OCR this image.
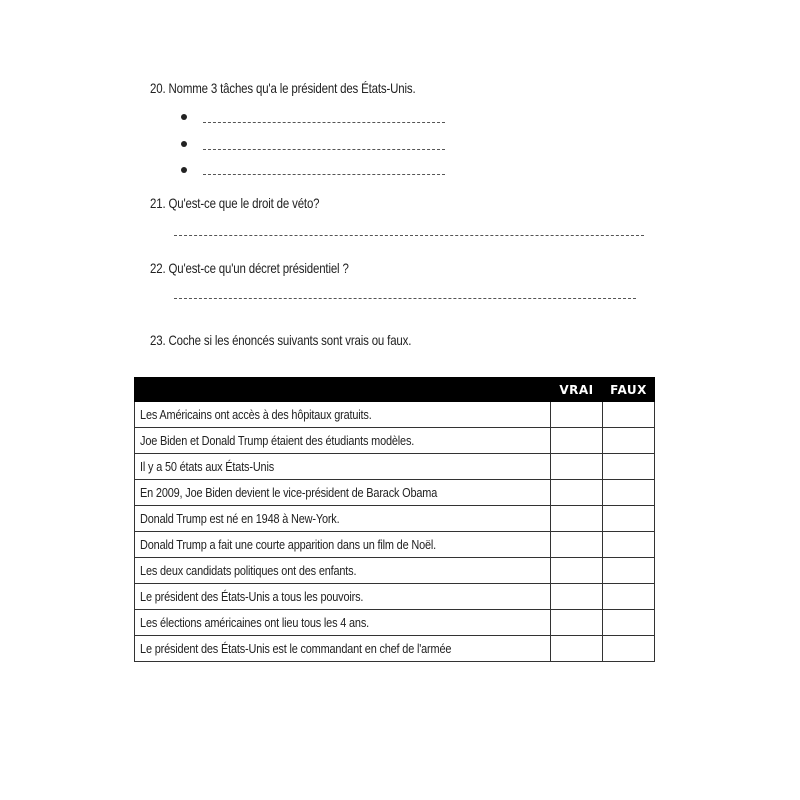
20. Nomme 3 tâches qu'a le président des États-Unis.
21. Qu'est-ce que le droit de véto?
22. Qu'est-ce qu'un décret présidentiel ?
23. Coche si les énoncés suivants sont vrais ou faux.
	VRAI	FAUX
Les Américains ont accès à des hôpitaux gratuits.		
Joe Biden et Donald Trump étaient des étudiants modèles.		
Il y a 50 états aux États-Unis		
En 2009, Joe Biden devient le vice-président de Barack Obama		
Donald Trump est né en 1948 à New-York.		
Donald Trump a fait une courte apparition dans un film de Noël.		
Les deux candidats politiques ont des enfants.		
Le président des États-Unis a tous les pouvoirs.		
Les élections américaines ont lieu tous les 4 ans.		
Le président des États-Unis est le commandant en chef de l'armée		
